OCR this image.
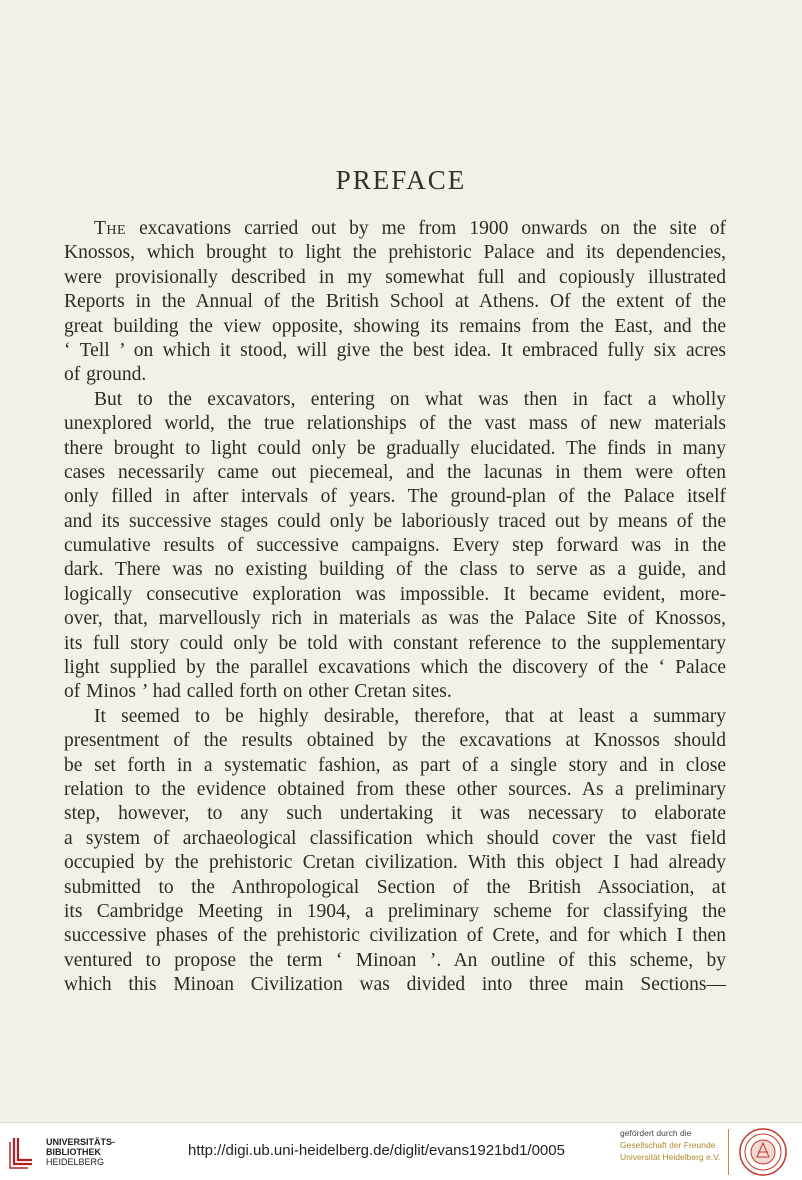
PREFACE
The excavations carried out by me from 1900 onwards on the site of
Knossos, which brought to light the prehistoric Palace and its dependencies,
were provisionally described in my somewhat full and copiously illustrated
Reports in the Annual of the British School at Athens. Of the extent of the
great building the view opposite, showing its remains from the East, and the
‘ Tell ’ on which it stood, will give the best idea. It embraced fully six acres
of ground.
But to the excavators, entering on what was then in fact a wholly
unexplored world, the true relationships of the vast mass of new materials
there brought to light could only be gradually elucidated. The finds in many
cases necessarily came out piecemeal, and the lacunas in them were often
only filled in after intervals of years. The ground-plan of the Palace itself
and its successive stages could only be laboriously traced out by means of the
cumulative results of successive campaigns. Every step forward was in the
dark. There was no existing building of the class to serve as a guide, and
logically consecutive exploration was impossible. It became evident, more-
over, that, marvellously rich in materials as was the Palace Site of Knossos,
its full story could only be told with constant reference to the supplementary
light supplied by the parallel excavations which the discovery of the ‘ Palace
of Minos ’ had called forth on other Cretan sites.
It seemed to be highly desirable, therefore, that at least a summary
presentment of the results obtained by the excavations at Knossos should
be set forth in a systematic fashion, as part of a single story and in close
relation to the evidence obtained from these other sources. As a preliminary
step, however, to any such undertaking it was necessary to elaborate
a system of archaeological classification which should cover the vast field
occupied by the prehistoric Cretan civilization. With this object I had already
submitted to the Anthropological Section of the British Association, at
its Cambridge Meeting in 1904, a preliminary scheme for classifying the
successive phases of the prehistoric civilization of Crete, and for which I then
ventured to propose the term ‘ Minoan ’. An outline of this scheme, by
which this Minoan Civilization was divided into three main Sections—
UNIVERSITÄTS-
BIBLIOTHEK
HEIDELBERG
http://digi.ub.uni-heidelberg.de/diglit/evans1921bd1/0005
gefördert durch die
Gesellschaft der Freunde
Universität Heidelberg e.V.
